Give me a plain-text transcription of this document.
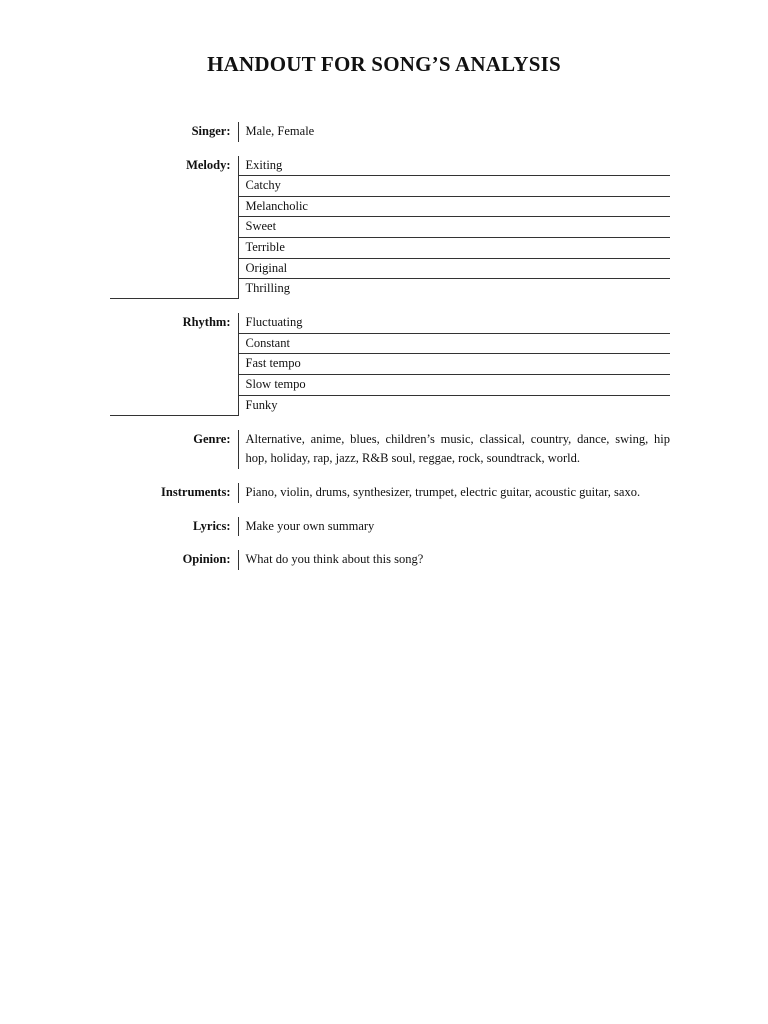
HANDOUT FOR SONG’S ANALYSIS
Singer:	Male, Female

Melody:	Exiting
	Catchy
	Melancholic
	Sweet
	Terrible
	Original
	Thrilling

Rhythm:	Fluctuating
	Constant
	Fast tempo
	Slow tempo
	Funky

Genre:	Alternative, anime, blues, children’s music, classical, country, dance, swing, hip hop, holiday, rap, jazz, R&B soul, reggae, rock, soundtrack, world.

Instruments:	Piano, violin, drums, synthesizer, trumpet, electric guitar, acoustic guitar, saxo.

Lyrics:	Make your own summary

Opinion:	What do you think about this song?
